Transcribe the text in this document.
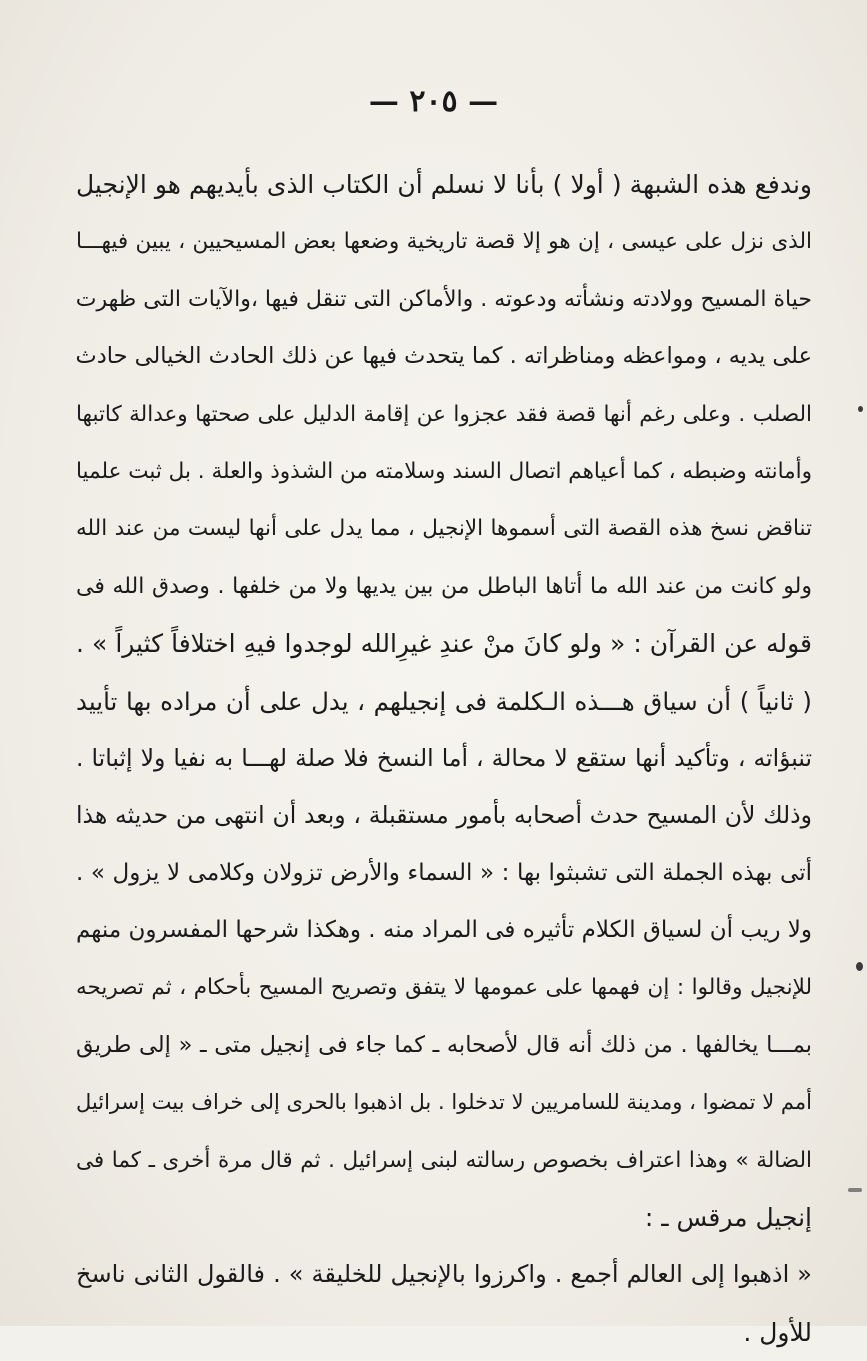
— ٢٠٥ —
وندفع هذه الشبهة ( أولا ) بأنا لا نسلم أن الكتاب الذى بأيديهم هو الإنجيل
الذى نزل على عيسى ، إن هو إلا قصة تاريخية وضعها بعض المسيحيين ، يبين فيهـــا
حياة المسيح وولادته ونشأته ودعوته . والأماكن التى تنقل فيها ،والآيات التى ظهرت
على يديه ، ومواعظه ومناظراته . كما يتحدث فيها عن ذلك الحادث الخيالى حادث
الصلب . وعلى رغم أنها قصة فقد عجزوا عن إقامة الدليل على صحتها وعدالة كاتبها
وأمانته وضبطه ، كما أعياهم اتصال السند وسلامته من الشذوذ والعلة . بل ثبت علميا
تناقض نسخ هذه القصة التى أسموها الإنجيل ، مما يدل على أنها ليست من عند الله
ولو كانت من عند الله ما أتاها الباطل من بين يديها ولا من خلفها . وصدق الله فى
قوله عن القرآن : « ولو كانَ منْ عندِ غيرِالله لوجدوا فيهِ اختلافاً كثيراً » .
( ثانياً ) أن سياق هـــذه الـكلمة فى إنجيلهم ، يدل على أن مراده بها تأييد
تنبؤاته ، وتأكيد أنها ستقع لا محالة ، أما النسخ فلا صلة لهـــا به نفيا ولا إثباتا .
وذلك لأن المسيح حدث أصحابه بأمور مستقبلة ، وبعد أن انتهى من حديثه هذا
أتى بهذه الجملة التى تشبثوا بها : « السماء والأرض تزولان وكلامى لا يزول » .
ولا ريب أن لسياق الكلام تأثيره فى المراد منه . وهكذا شرحها المفسرون منهم
للإنجيل وقالوا : إن فهمها على عمومها لا يتفق وتصريح المسيح بأحكام ، ثم تصريحه
بمـــا يخالفها . من ذلك أنه قال لأصحابه ـ كما جاء فى إنجيل متى ـ « إلى طريق
أمم لا تمضوا ، ومدينة للسامريين لا تدخلوا . بل اذهبوا بالحرى إلى خراف بيت إسرائيل
الضالة » وهذا اعتراف بخصوص رسالته لبنى إسرائيل . ثم قال مرة أخرى ـ كما فى
إنجيل مرقس ـ :
« اذهبوا إلى العالم أجمع . واكرزوا بالإنجيل للخليقة » . فالقول الثانى ناسخ
للأول .
